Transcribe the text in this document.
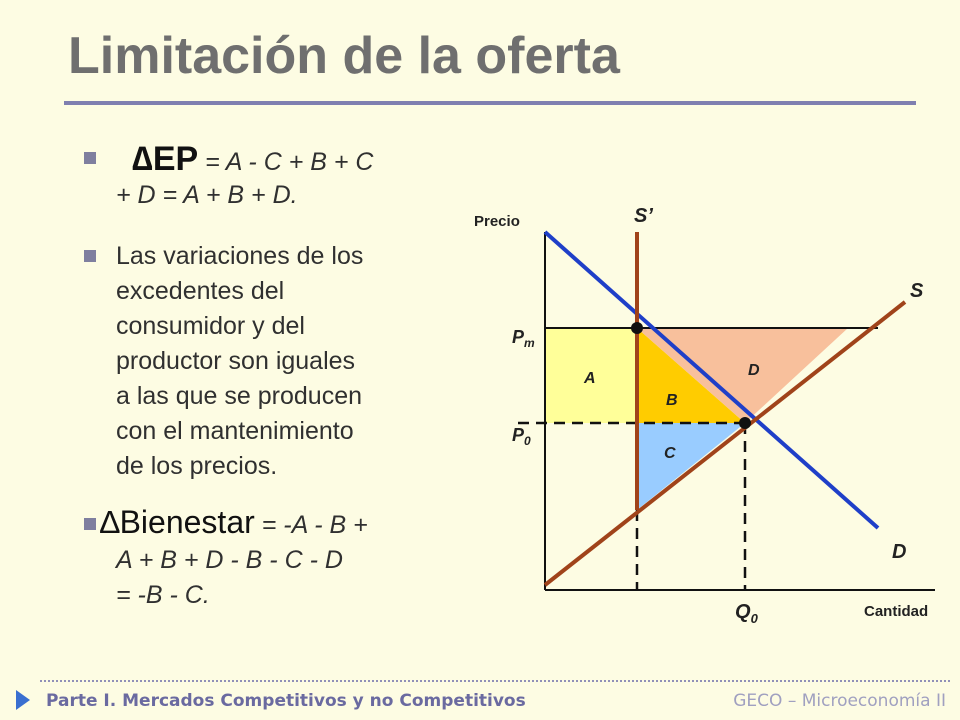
Limitación de la oferta
∆EP = A - C + B + C
+ D = A + B + D.
Las variaciones de los
excedentes del
consumidor y del
productor son iguales
a las que se producen
con el mantenimiento
de los precios.
∆Bienestar = -A - B +
A + B + D - B - C - D
= -B - C.
Precio
Cantidad
S’
S
D
$P_m$
$P_0$
$Q_0$
A
B
C
D
Parte I. Mercados Competitivos y no Competitivos	GECO – Microeconomía II
